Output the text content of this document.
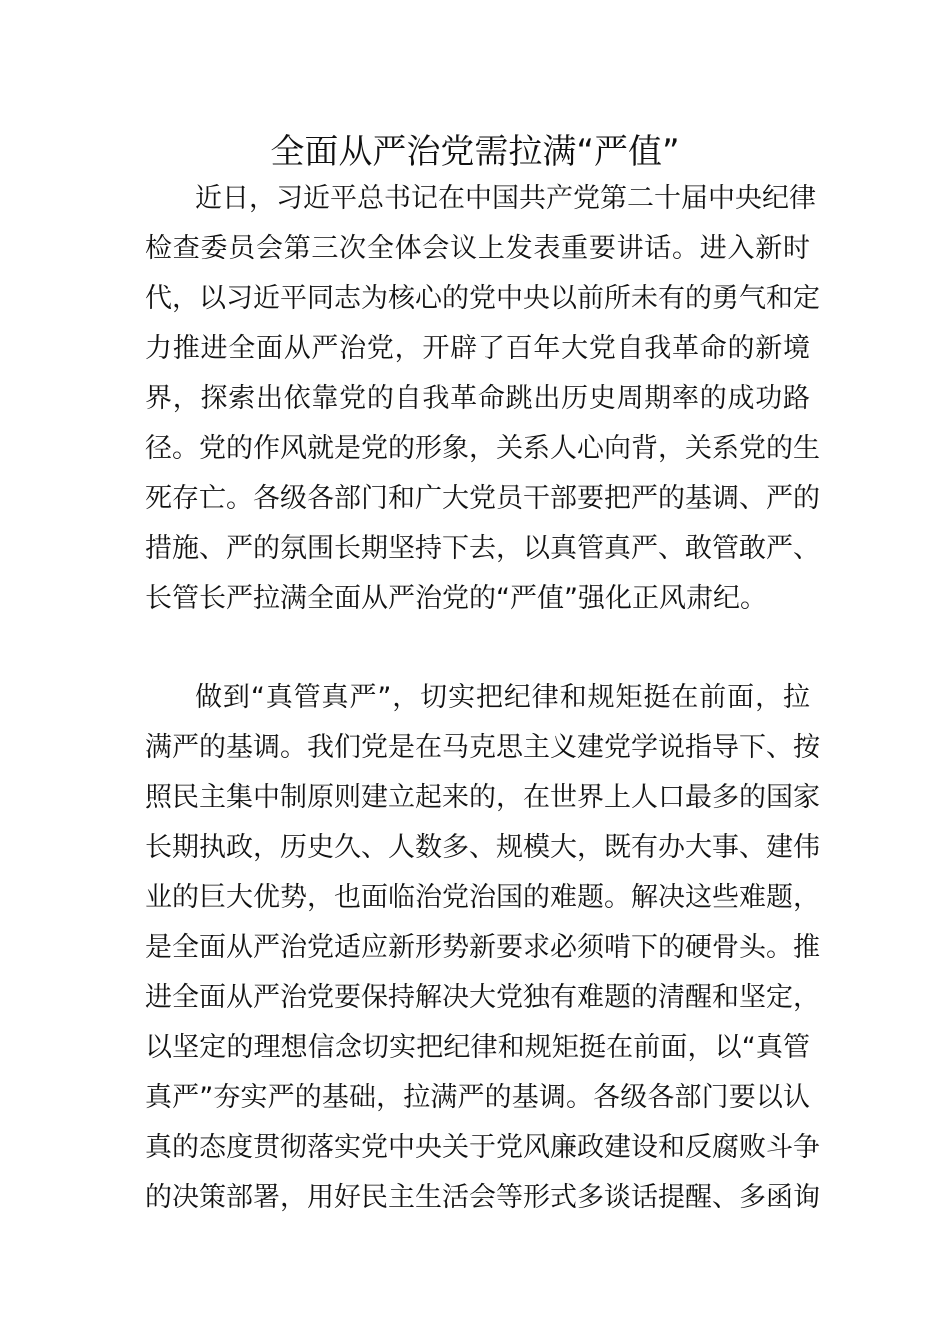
全面从严治党需拉满“严值”
近日，习近平总书记在中国共产党第二十届中央纪律
检查委员会第三次全体会议上发表重要讲话。进入新时
代，以习近平同志为核心的党中央以前所未有的勇气和定
力推进全面从严治党，开辟了百年大党自我革命的新境
界，探索出依靠党的自我革命跳出历史周期率的成功路
径。党的作风就是党的形象，关系人心向背，关系党的生
死存亡。各级各部门和广大党员干部要把严的基调、严的
措施、严的氛围长期坚持下去，以真管真严、敢管敢严、
长管长严拉满全面从严治党的“严值”强化正风肃纪。
做到“真管真严”，切实把纪律和规矩挺在前面，拉
满严的基调。我们党是在马克思主义建党学说指导下、按
照民主集中制原则建立起来的，在世界上人口最多的国家
长期执政，历史久、人数多、规模大，既有办大事、建伟
业的巨大优势，也面临治党治国的难题。解决这些难题，
是全面从严治党适应新形势新要求必须啃下的硬骨头。推
进全面从严治党要保持解决大党独有难题的清醒和坚定，
以坚定的理想信念切实把纪律和规矩挺在前面，以“真管
真严”夯实严的基础，拉满严的基调。各级各部门要以认
真的态度贯彻落实党中央关于党风廉政建设和反腐败斗争
的决策部署，用好民主生活会等形式多谈话提醒、多函询
